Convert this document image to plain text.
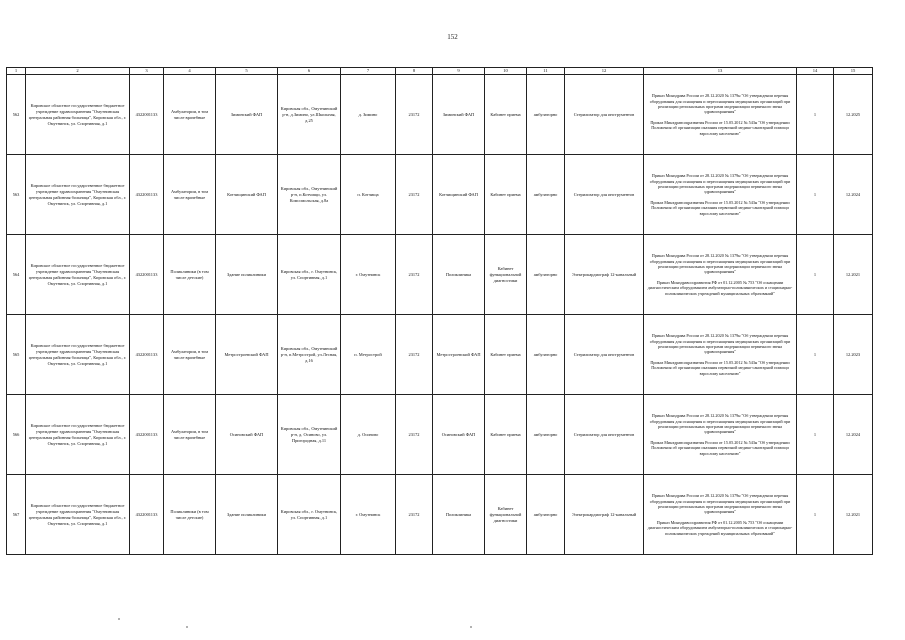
152
1	2	3	4	5	6	7	8	9	10	11	12	13	14	15
562	Кировское областное государственное бюджетное учреждение здравоохранения "Омутнинская центральная районная больница", Кировская обл., г. Омутнинск, ул. Спортивная, д.1	4322001133	Амбулатории, в том числе врачебные	Зиминский ФАП	Кировская обл., Омутнинский р-н, д.Зимино, ул.Школьная, д.25	д. Зимино	23172	Зиминский ФАП	Кабинет приема	амбулаторно	Стерилизатор для инструментов	Приказ Минздрава России от 28.12.2020 № 1379н "Об утверждении перечня оборудования для оснащения и переоснащения медицинских организаций при реализации региональных программ модернизации первичного звена здравоохранения"
Приказ Минздравсоцразвития России от 15.05.2012 № 543н "Об утверждении Положения об организации оказания первичной медико-санитарной помощи взрослому населению"	1	12.2025
563	Кировское областное государственное бюджетное учреждение здравоохранения "Омутнинская центральная районная больница", Кировская обл., г. Омутнинск, ул. Спортивная, д.1	4322001133	Амбулатории, в том числе врачебные	Котчищинский ФАП	Кировская обл., Омутнинский р-н, п.Котчищи, ул. Комсомольская, д.8а	п. Котчища	23172	Котчищинский ФАП	Кабинет приема	амбулаторно	Стерилизатор для инструментов	Приказ Минздрава России от 28.12.2020 № 1379н "Об утверждении перечня оборудования для оснащения и переоснащения медицинских организаций при реализации региональных программ модернизации первичного звена здравоохранения"
Приказ Минздравсоцразвития России от 15.05.2012 № 543н "Об утверждении Положения об организации оказания первичной медико-санитарной помощи взрослому населению"	1	12.2024
564	Кировское областное государственное бюджетное учреждение здравоохранения "Омутнинская центральная районная больница", Кировская обл., г. Омутнинск, ул. Спортивная, д.1	4322001133	Поликлиники (в том числе детские)	Здание поликлиники	Кировская обл., г. Омутнинск, ул. Спортивная, д.1	г. Омутнинск	23172	Поликлиника	Кабинет функциональной диагностики	амбулаторно	Электрокардиограф 12-канальный	Приказ Минздрава России от 28.12.2020 № 1379н "Об утверждении перечня оборудования для оснащения и переоснащения медицинских организаций при реализации региональных программ модернизации первичного звена здравоохранения"
Приказ Минздравсоцразвития РФ от 01.12.2005 № 753 "Об оснащении диагностическим оборудованием амбулаторно-поликлинических и стационарно-поликлинических учреждений муниципальных образований"	1	12.2021
565	Кировское областное государственное бюджетное учреждение здравоохранения "Омутнинская центральная районная больница", Кировская обл., г. Омутнинск, ул. Спортивная, д.1	4322001133	Амбулатории, в том числе врачебные	Метростроевский ФАП	Кировская обл., Омутнинский р-н, п.Метрострой, ул.Лесная, д.16	п. Метрострой	23172	Метростроевский ФАП	Кабинет приема	амбулаторно	Стерилизатор для инструментов	Приказ Минздрава России от 28.12.2020 № 1379н "Об утверждении перечня оборудования для оснащения и переоснащения медицинских организаций при реализации региональных программ модернизации первичного звена здравоохранения"
Приказ Минздравсоцразвития России от 15.05.2012 № 543н "Об утверждении Положения об организации оказания первичной медико-санитарной помощи взрослому населению"	1	12.2023
566	Кировское областное государственное бюджетное учреждение здравоохранения "Омутнинская центральная районная больница", Кировская обл., г. Омутнинск, ул. Спортивная, д.1	4322001133	Амбулатории, в том числе врачебные	Осиновский ФАП	Кировская обл., Омутнинский р-н, д. Осиново, ул. Пригородная, д.11	д. Осиново	23172	Осиновский ФАП	Кабинет приема	амбулаторно	Стерилизатор для инструментов	Приказ Минздрава России от 28.12.2020 № 1379н "Об утверждении перечня оборудования для оснащения и переоснащения медицинских организаций при реализации региональных программ модернизации первичного звена здравоохранения"
Приказ Минздравсоцразвития России от 15.05.2012 № 543н "Об утверждении Положения об организации оказания первичной медико-санитарной помощи взрослому населению"	1	12.2024
567	Кировское областное государственное бюджетное учреждение здравоохранения "Омутнинская центральная районная больница", Кировская обл., г. Омутнинск, ул. Спортивная, д.1	4322001133	Поликлиники (в том числе детские)	Здание поликлиники	Кировская обл., г. Омутнинск, ул. Спортивная, д.1	г. Омутнинск	23172	Поликлиника	Кабинет функциональной диагностики	амбулаторно	Электрокардиограф 12-канальный	Приказ Минздрава России от 28.12.2020 № 1379н "Об утверждении перечня оборудования для оснащения и переоснащения медицинских организаций при реализации региональных программ модернизации первичного звена здравоохранения"
Приказ Минздравсоцразвития РФ от 01.12.2005 № 753 "Об оснащении диагностическим оборудованием амбулаторно-поликлинических и стационарно-поликлинических учреждений муниципальных образований"	1	12.2021
